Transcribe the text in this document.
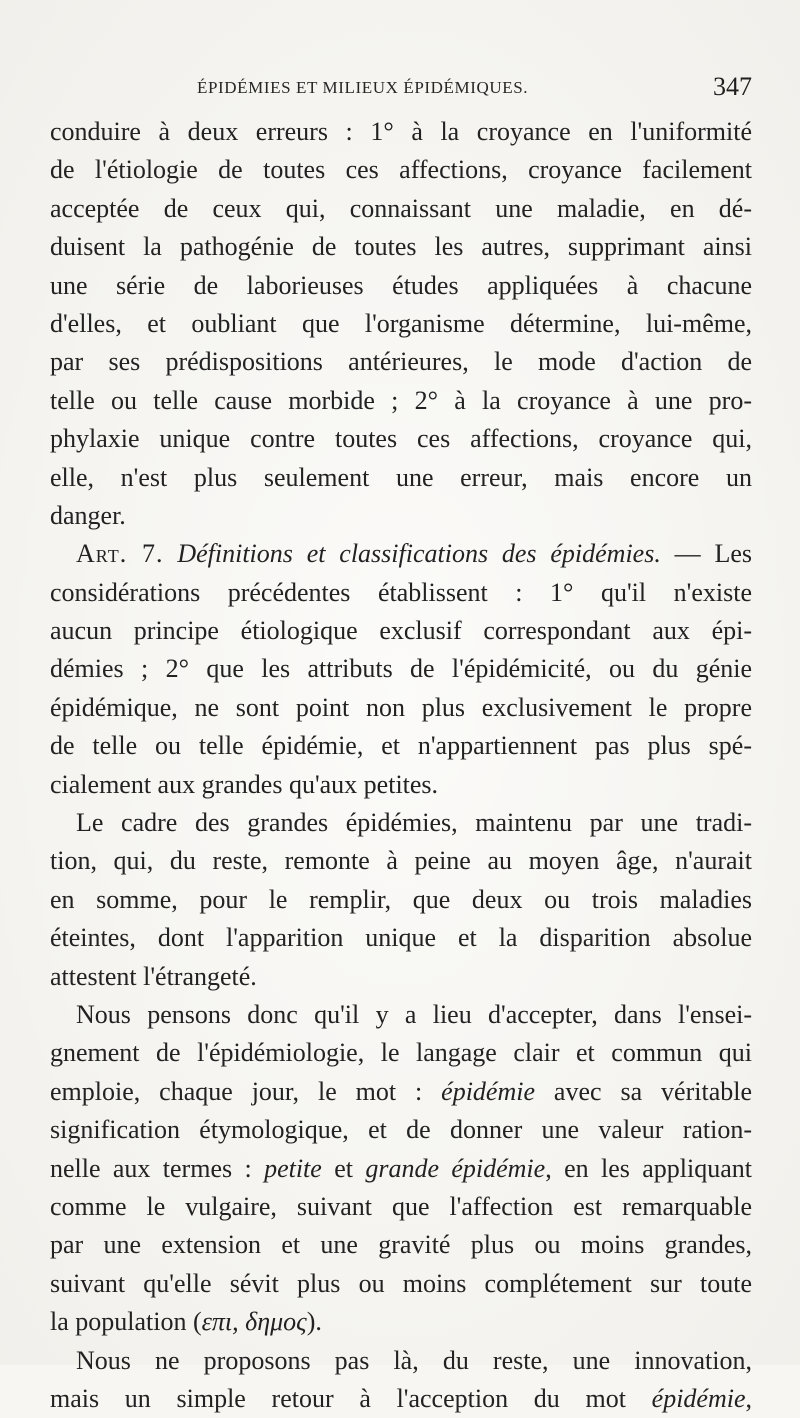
ÉPIDÉMIES ET MILIEUX ÉPIDÉMIQUES.	347
conduire à deux erreurs : 1° à la croyance en l'uniformité
de l'étiologie de toutes ces affections, croyance facilement
acceptée de ceux qui, connaissant une maladie, en dé-
duisent la pathogénie de toutes les autres, supprimant ainsi
une série de laborieuses études appliquées à chacune
d'elles, et oubliant que l'organisme détermine, lui-même,
par ses prédispositions antérieures, le mode d'action de
telle ou telle cause morbide ; 2° à la croyance à une pro-
phylaxie unique contre toutes ces affections, croyance qui,
elle, n'est plus seulement une erreur, mais encore un
danger.
Art. 7. Définitions et classifications des épidémies. — Les
considérations précédentes établissent : 1° qu'il n'existe
aucun principe étiologique exclusif correspondant aux épi-
démies ; 2° que les attributs de l'épidémicité, ou du génie
épidémique, ne sont point non plus exclusivement le propre
de telle ou telle épidémie, et n'appartiennent pas plus spé-
cialement aux grandes qu'aux petites.
Le cadre des grandes épidémies, maintenu par une tradi-
tion, qui, du reste, remonte à peine au moyen âge, n'aurait
en somme, pour le remplir, que deux ou trois maladies
éteintes, dont l'apparition unique et la disparition absolue
attestent l'étrangeté.
Nous pensons donc qu'il y a lieu d'accepter, dans l'ensei-
gnement de l'épidémiologie, le langage clair et commun qui
emploie, chaque jour, le mot : épidémie avec sa véritable
signification étymologique, et de donner une valeur ration-
nelle aux termes : petite et grande épidémie, en les appliquant
comme le vulgaire, suivant que l'affection est remarquable
par une extension et une gravité plus ou moins grandes,
suivant qu'elle sévit plus ou moins complétement sur toute
la population (επι, δημος).
Nous ne proposons pas là, du reste, une innovation,
mais un simple retour à l'acception du mot épidémie,
